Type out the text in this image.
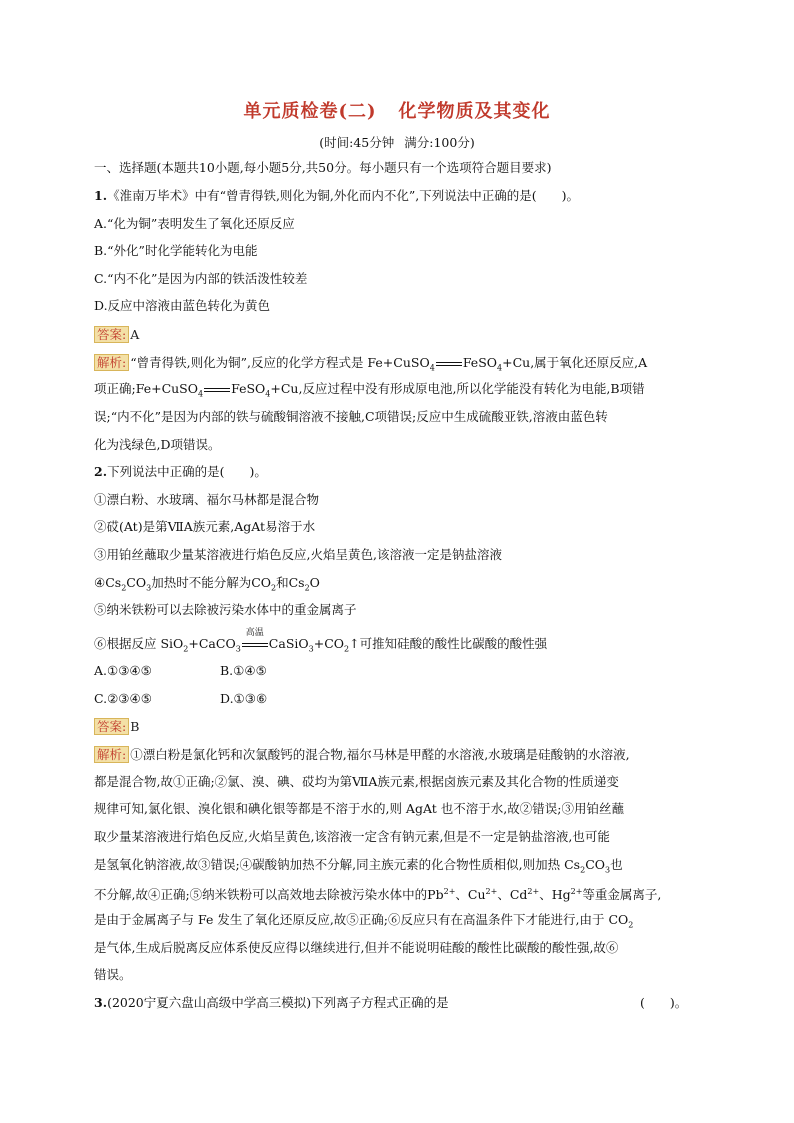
单元质检卷(二) 化学物质及其变化
(时间:45分钟 满分:100分)
一、选择题(本题共10小题,每小题5分,共50分。每小题只有一个选项符合题目要求)
1.《淮南万毕术》中有“曾青得铁,则化为铜,外化而内不化”,下列说法中正确的是(　　)。
A.“化为铜”表明发生了氧化还原反应
B.“外化”时化学能转化为电能
C.“内不化”是因为内部的铁活泼性较差
D.反应中溶液由蓝色转化为黄色
答案: A
解析: “曾青得铁,则化为铜”,反应的化学方程式是 Fe+CuSO$_4$ FeSO$_4$+Cu,属于氧化还原反应,A
项正确;Fe+CuSO$_4$ FeSO$_4$+Cu,反应过程中没有形成原电池,所以化学能没有转化为电能,B项错
误;“内不化”是因为内部的铁与硫酸铜溶液不接触,C项错误;反应中生成硫酸亚铁,溶液由蓝色转
化为浅绿色,D项错误。
2.下列说法中正确的是(　　)。
①漂白粉、水玻璃、福尔马林都是混合物
②砹(At)是第ⅦA族元素,AgAt易溶于水
③用铂丝蘸取少量某溶液进行焰色反应,火焰呈黄色,该溶液一定是钠盐溶液
$④Cs_2CO_3$加热时不能分解为$CO_2$和$Cs_2O$
⑤纳米铁粉可以去除被污染水体中的重金属离子
⑥根据反应 SiO$_2$+CaCO$_3$
高温
$CaSiO_3+CO_2↑$可推知硅酸的酸性比碳酸的酸性强
A.①③④⑤	B.①④⑤
C.②③④⑤	D.①③⑥
答案: B
解析: ①漂白粉是氯化钙和次氯酸钙的混合物,福尔马林是甲醛的水溶液,水玻璃是硅酸钠的水溶液,
都是混合物,故①正确;②氯、溴、碘、砹均为第ⅦA族元素,根据卤族元素及其化合物的性质递变
规律可知,氯化银、溴化银和碘化银等都是不溶于水的,则 AgAt 也不溶于水,故②错误;③用铂丝蘸
取少量某溶液进行焰色反应,火焰呈黄色,该溶液一定含有钠元素,但是不一定是钠盐溶液,也可能
是氢氧化钠溶液,故③错误;④碳酸钠加热不分解,同主族元素的化合物性质相似,则加热 $Cs_2CO_3$也
不分解,故④正确;⑤纳米铁粉可以高效地去除被污染水体中的$Pb^{2+}$、$Cu^{2+}$、$Cd^{2+}$、$Hg^{2+}$等重金属离子,
是由于金属离子与 Fe 发生了氧化还原反应,故⑤正确;⑥反应只有在高温条件下才能进行,由于 $CO_2$
是气体,生成后脱离反应体系使反应得以继续进行,但并不能说明硅酸的酸性比碳酸的酸性强,故⑥
错误。
3.(2020宁夏六盘山高级中学高三模拟)下列离子方程式正确的是	(　　)。
